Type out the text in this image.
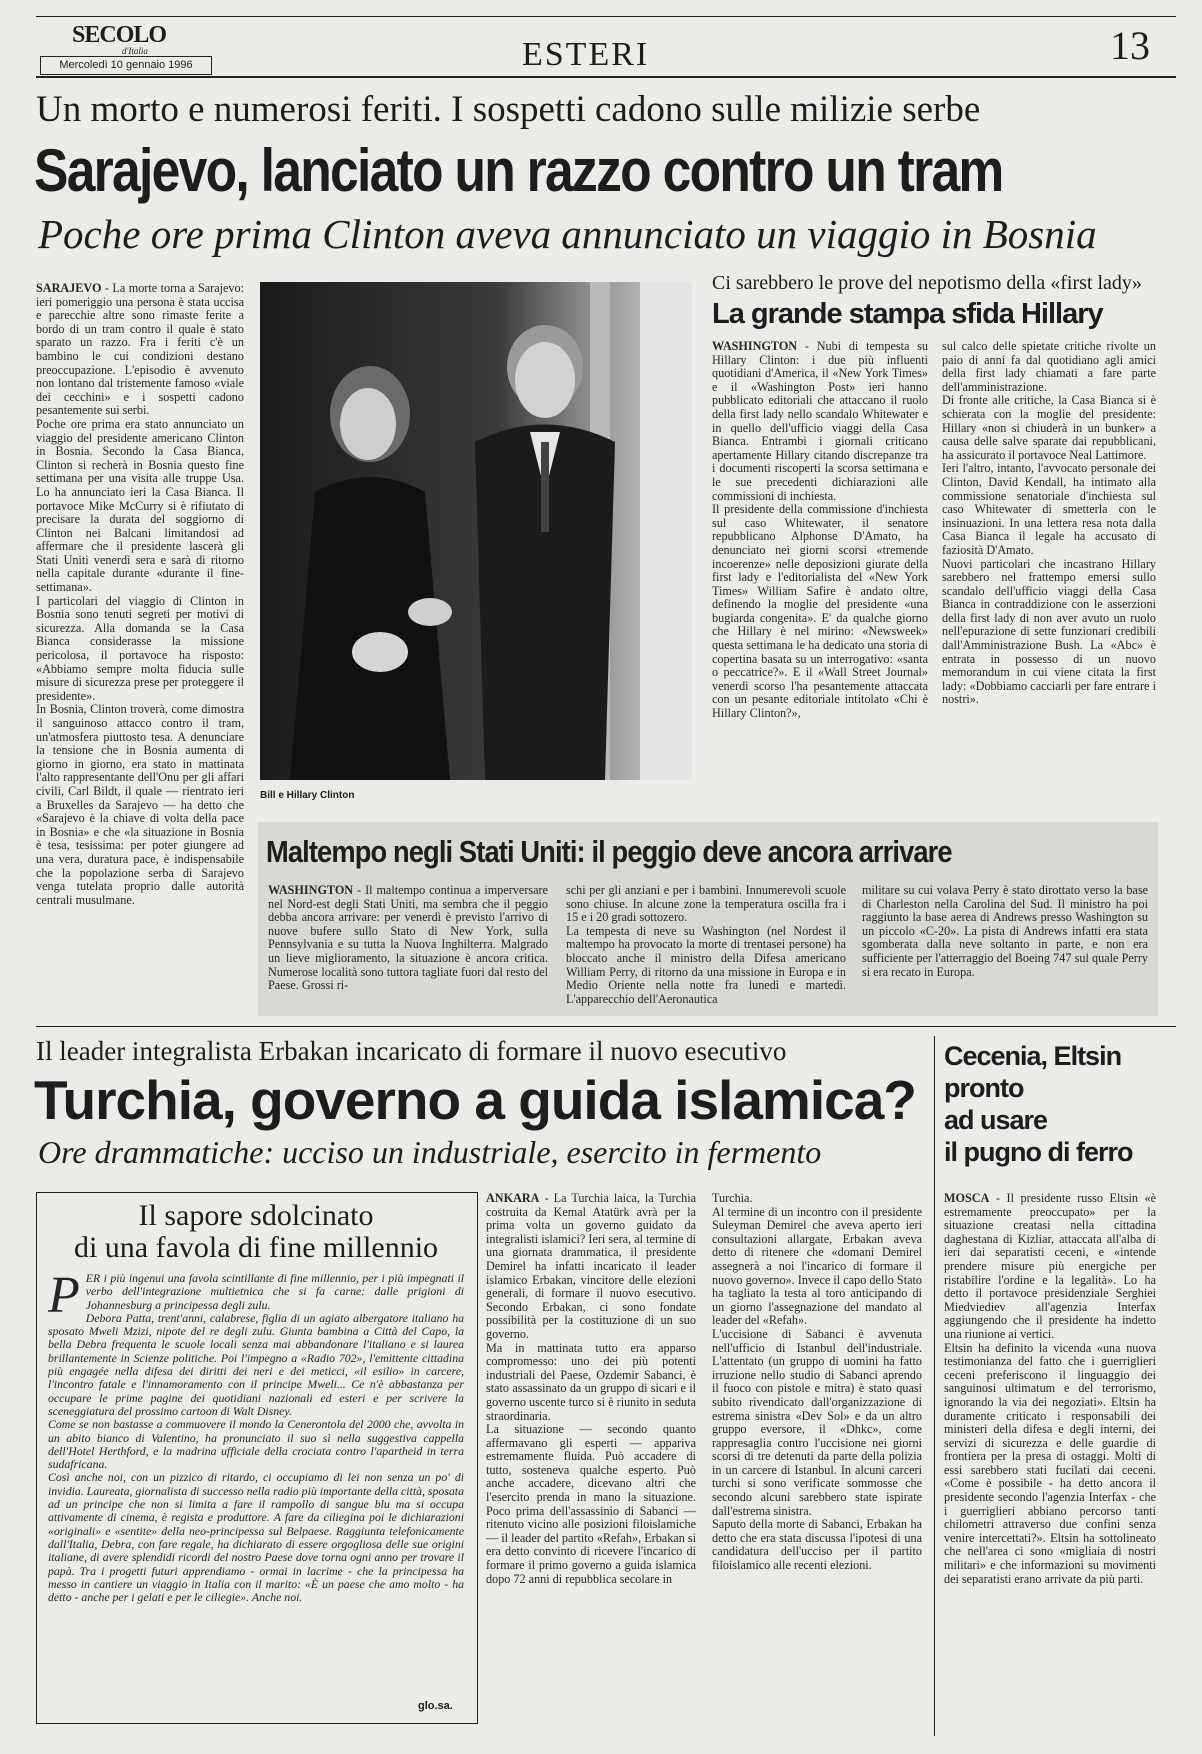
SECOLO
d'Italia
Mercoledì 10 gennaio 1996	ESTERI	13
Un morto e numerosi feriti. I sospetti cadono sulle milizie serbe
Sarajevo, lanciato un razzo contro un tram
Poche ore prima Clinton aveva annunciato un viaggio in Bosnia
SARAJEVO - La morte torna a Sarajevo: ieri pomeriggio una persona è stata uccisa e parecchie altre sono rimaste ferite a bordo di un tram contro il quale è stato sparato un razzo. Fra i feriti c'è un bambino le cui condizioni destano preoccupazione. L'episodio è avvenuto non lontano dal tristemente famoso «viale dei cecchini» e i sospetti cadono pesantemente sui serbi.
Poche ore prima era stato annunciato un viaggio del presidente americano Clinton in Bosnia. Secondo la Casa Bianca, Clinton si recherà in Bosnia questo fine settimana per una visita alle truppe Usa. Lo ha annunciato ieri la Casa Bianca. Il portavoce Mike McCurry si è rifiutato di precisare la durata del soggiorno di Clinton nei Balcani limitandosi ad affermare che il presidente lascerà gli Stati Uniti venerdì sera e sarà di ritorno nella capitale durante «durante il fine-settimana».
I particolari del viaggio di Clinton in Bosnia sono tenuti segreti per motivi di sicurezza. Alla domanda se la Casa Bianca considerasse la missione pericolosa, il portavoce ha risposto: «Abbiamo sempre molta fiducia sulle misure di sicurezza prese per proteggere il presidente».
In Bosnia, Clinton troverà, come dimostra il sanguinoso attacco contro il tram, un'atmosfera piuttosto tesa. A denunciare la tensione che in Bosnia aumenta di giorno in giorno, era stato in mattinata l'alto rappresentante dell'Onu per gli affari civili, Carl Bildt, il quale — rientrato ieri a Bruxelles da Sarajevo — ha detto che «Sarajevo è la chiave di volta della pace in Bosnia» e che «la situazione in Bosnia è tesa, tesissima: per poter giungere ad una vera, duratura pace, è indispensabile che la popolazione serba di Sarajevo venga tutelata proprio dalle autorità centrali musulmane.
Bill e Hillary Clinton
Ci sarebbero le prove del nepotismo della «first lady»
La grande stampa sfida Hillary
WASHINGTON - Nubi di tempesta su Hillary Clinton: i due più influenti quotidiani d'America, il «New York Times» e il «Washington Post» ieri hanno pubblicato editoriali che attaccano il ruolo della first lady nello scandalo Whitewater e in quello dell'ufficio viaggi della Casa Bianca. Entrambi i giornali criticano apertamente Hillary citando discrepanze tra i documenti riscoperti la scorsa settimana e le sue precedenti dichiarazioni alle commissioni di inchiesta.
Il presidente della commissione d'inchiesta sul caso Whitewater, il senatore repubblicano Alphonse D'Amato, ha denunciato nei giorni scorsi «tremende incoerenze» nelle deposizioni giurate della first lady e l'editorialista del «New York Times» William Safire è andato oltre, definendo la moglie del presidente «una bugiarda congenita». E' da qualche giorno che Hillary è nel mirino: «Newsweek» questa settimana le ha dedicato una storia di copertina basata su un interrogativo: «santa o peccatrice?». E il «Wall Street Journal» venerdì scorso l'ha pesantemente attaccata con un pesante editoriale intitolato «Chi è Hillary Clinton?»,
sul calco delle spietate critiche rivolte un paio di anni fa dal quotidiano agli amici della first lady chiamati a fare parte dell'amministrazione.
Di fronte alle critiche, la Casa Bianca si è schierata con la moglie del presidente: Hillary «non si chiuderà in un bunker» a causa delle salve sparate dai repubblicani, ha assicurato il portavoce Neal Lattimore.
Ieri l'altro, intanto, l'avvocato personale dei Clinton, David Kendall, ha intimato alla commissione senatoriale d'inchiesta sul caso Whitewater di smetterla con le insinuazioni. In una lettera resa nota dalla Casa Bianca il legale ha accusato di faziosità D'Amato.
Nuovi particolari che incastrano Hillary sarebbero nel frattempo emersi sullo scandalo dell'ufficio viaggi della Casa Bianca in contraddizione con le asserzioni della first lady di non aver avuto un ruolo nell'epurazione di sette funzionari credibili dall'Amministrazione Bush. La «Abc» è entrata in possesso di un nuovo memorandum in cui viene citata la first lady: «Dobbiamo cacciarli per fare entrare i nostri».
Maltempo negli Stati Uniti: il peggio deve ancora arrivare
WASHINGTON - Il maltempo continua a imperversare nel Nord-est degli Stati Uniti, ma sembra che il peggio debba ancora arrivare: per venerdì è previsto l'arrivo di nuove bufere sullo Stato di New York, sulla Pennsylvania e su tutta la Nuova Inghilterra. Malgrado un lieve miglioramento, la situazione è ancora critica. Numerose località sono tuttora tagliate fuori dal resto del Paese. Grossi ri-
schi per gli anziani e per i bambini. Innumerevoli scuole sono chiuse. In alcune zone la temperatura oscilla fra i 15 e i 20 gradi sottozero.
La tempesta di neve su Washington (nel Nordest il maltempo ha provocato la morte di trentasei persone) ha bloccato anche il ministro della Difesa americano William Perry, di ritorno da una missione in Europa e in Medio Oriente nella notte fra lunedì e martedì. L'apparecchio dell'Aeronautica
militare su cui volava Perry è stato dirottato verso la base di Charleston nella Carolina del Sud. Il ministro ha poi raggiunto la base aerea di Andrews presso Washington su un piccolo «C-20». La pista di Andrews infatti era stata sgomberata dalla neve soltanto in parte, e non era sufficiente per l'atterraggio del Boeing 747 sul quale Perry si era recato in Europa.
Il leader integralista Erbakan incaricato di formare il nuovo esecutivo
Turchia, governo a guida islamica?
Ore drammatiche: ucciso un industriale, esercito in fermento
Il sapore sdolcinato
di una favola di fine millennio
P ER i più ingenui una favola scintillante di fine millennio, per i più impegnati il verbo dell'integrazione multietnica che si fa carne: dalle prigioni di Johannesburg a principessa degli zulu.
Debora Patta, trent'anni, calabrese, figlia di un agiato albergatore italiano ha sposato Mweli Mzizi, nipote del re degli zulu. Giunta bambina a Città del Capo, la bella Debra frequenta le scuole locali senza mai abbandonare l'italiano e si laurea brillantemente in Scienze politiche. Poi l'impegno a «Radio 702», l'emittente cittadina più engagée nella difesa dei diritti dei neri e dei meticci, «il esilio» in carcere, l'incontro fatale e l'innamoramento con il principe Mweli... Ce n'è abbastanza per occupare le prime pagine dei quotidiani nazionali ed esteri e per scrivere la sceneggiatura del prossimo cartoon di Walt Disney.
Come se non bastasse a commuovere il mondo la Cenerontola del 2000 che, avvolta in un abito bianco di Valentino, ha pronunciato il suo sì nella suggestiva cappella dell'Hotel Herthford, e la madrina ufficiale della crociata contro l'apartheid in terra sudafricana.
Così anche noi, con un pizzico di ritardo, ci occupiamo di lei non senza un po' di invidia. Laureata, giornalista di successo nella radio più importante della città, sposata ad un principe che non si limita a fare il rampollo di sangue blu ma si occupa attivamente di cinema, è regista e produttore. A fare da ciliegina poi le dichiarazioni «originali» e «sentite» della neo-principessa sul Belpaese. Raggiunta telefonicamente dall'Italia, Debra, con fare regale, ha dichiarato di essere orgogliosa delle sue origini italiane, di avere splendidi ricordi del nostro Paese dove torna ogni anno per trovare il papà. Tra i progetti futuri apprendiamo - ormai in lacrime - che la principessa ha messo in cantiere un viaggio in Italia con il marito: «È un paese che amo molto - ha detto - anche per i gelati e per le ciliegie». Anche noi.
glo.sa.
ANKARA - La Turchia laica, la Turchia costruita da Kemal Atatürk avrà per la prima volta un governo guidato da integralisti islamici? Ieri sera, al termine di una giornata drammatica, il presidente Demirel ha infatti incaricato il leader islamico Erbakan, vincitore delle elezioni generali, di formare il nuovo esecutivo. Secondo Erbakan, ci sono fondate possibilità per la costituzione di un suo governo.
Ma in mattinata tutto era apparso compromesso: uno dei più potenti industriali del Paese, Ozdemir Sabanci, è stato assassinato da un gruppo di sicari e il governo uscente turco si è riunito in seduta straordinaria.
La situazione — secondo quanto affermavano gli esperti — appariva estremamente fluida. Può accadere di tutto, sosteneva qualche esperto. Può anche accadere, dicevano altri che l'esercito prenda in mano la situazione. Poco prima dell'assassinio di Sabanci — ritenuto vicino alle posizioni filoislamiche — il leader del partito «Refah», Erbakan si era detto convinto di ricevere l'incarico di formare il primo governo a guida islamica dopo 72 anni di repubblica secolare in
Turchia.
Al termine di un incontro con il presidente Suleyman Demirel che aveva aperto ieri consultazioni allargate, Erbakan aveva detto di ritenere che «domani Demirel assegnerà a noi l'incarico di formare il nuovo governo». Invece il capo dello Stato ha tagliato la testa al toro anticipando di un giorno l'assegnazione del mandato al leader del «Refah».
L'uccisione di Sabanci è avvenuta nell'ufficio di Istanbul dell'industriale. L'attentato (un gruppo di uomini ha fatto irruzione nello studio di Sabanci aprendo il fuoco con pistole e mitra) è stato quasi subito rivendicato dall'organizzazione di estrema sinistra «Dev Sol» e da un altro gruppo eversore, il «Dhkc», come rappresaglia contro l'uccisione nei giorni scorsi di tre detenuti da parte della polizia in un carcere di Istanbul. In alcuni carceri turchi si sono verificate sommosse che secondo alcuni sarebbero state ispirate dall'estrema sinistra.
Saputo della morte di Sabanci, Erbakan ha detto che era stata discussa l'ipotesi di una candidatura dell'ucciso per il partito filoislamico alle recenti elezioni.
Cecenia, Eltsin
pronto
ad usare
il pugno di ferro
MOSCA - Il presidente russo Eltsin «è estremamente preoccupato» per la situazione creatasi nella cittadina daghestana di Kizliar, attaccata all'alba di ieri dai separatisti ceceni, e «intende prendere misure più energiche per ristabilire l'ordine e la legalità». Lo ha detto il portavoce presidenziale Serghiei Miedviediev all'agenzia Interfax aggiungendo che il presidente ha indetto una riunione ai vertici.
Eltsin ha definito la vicenda «una nuova testimonianza del fatto che i guerriglieri ceceni preferiscono il linguaggio dei sanguinosi ultimatum e del terrorismo, ignorando la via dei negoziati». Eltsin ha duramente criticato i responsabili dei ministeri della difesa e degli interni, dei servizi di sicurezza e delle guardie di frontiera per la presa di ostaggi. Molti di essi sarebbero stati fucilati dai ceceni. «Come è possibile - ha detto ancora il presidente secondo l'agenzia Interfax - che i guerriglieri abbiano percorso tanti chilometri attraverso due confini senza venire intercettati?». Eltsin ha sottolineato che nell'area ci sono «migliaia di nostri militari» e che informazioni su movimenti dei separatisti erano arrivate da più parti.
